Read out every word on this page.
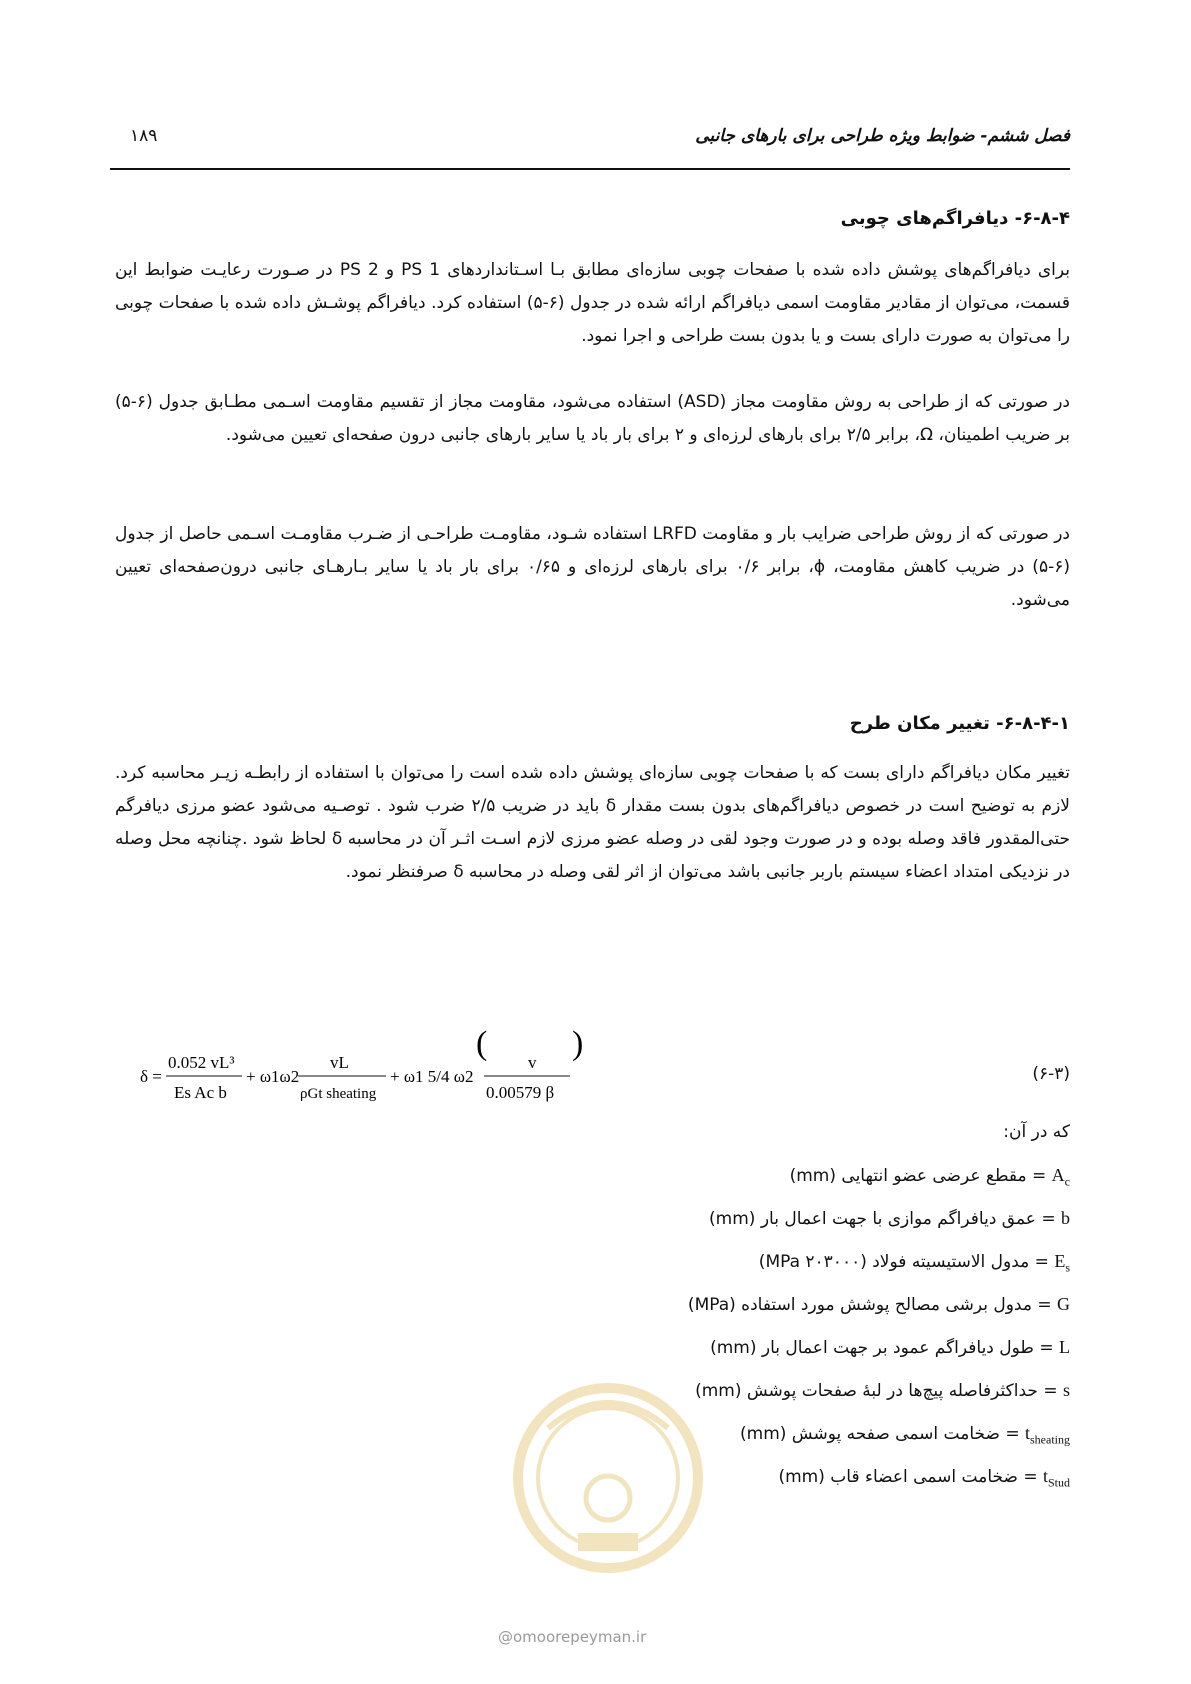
فصل ششم- ضوابط ویژه طراحی برای بارهای جانبی
۱۸۹
۶-۸-۴- دیافراگم‌های چوبی
برای دیافراگم‌های پوشش داده شده با صفحات چوبی سازه‌ای مطابق بـا اسـتانداردهای PS 1 و PS 2 در صـورت رعایـت ضوابط این قسمت، می‌توان از مقادیر مقاومت اسمی دیافراگم ارائه شده در جدول (۶-۵) استفاده کرد. دیافراگم پوشـش داده شده با صفحات چوبی را می‌توان به صورت دارای بست و یا بدون بست طراحی و اجرا نمود.
در صورتی که از طراحی به روش مقاومت مجاز (ASD) استفاده می‌شود، مقاومت مجاز از تقسیم مقاومت اسـمی مطـابق جدول (۶-۵) بر ضریب اطمینان، Ω، برابر ۲/۵ برای بارهای لرزه‌ای و ۲ برای بار باد یا سایر بارهای جانبی درون صفحه‌ای تعیین می‌شود.
در صورتی که از روش طراحی ضرایب بار و مقاومت LRFD استفاده شـود، مقاومـت طراحـی از ضـرب مقاومـت اسـمی حاصل از جدول (۶-۵) در ضریب کاهش مقاومت، ϕ، برابر ۰/۶ برای بارهای لرزه‌ای و ۰/۶۵ برای بار باد یا سایر بـارهـای جانبی درون‌صفحه‌ای تعیین می‌شود.
۶-۸-۴-۱- تغییر مکان طرح
تغییر مکان دیافراگم دارای بست که با صفحات چوبی سازه‌ای پوشش داده شده است را می‌توان با استفاده از رابطـه زیـر محاسبه کرد. لازم به توضیح است در خصوص دیافراگم‌های بدون بست مقدار δ باید در ضریب ۲/۵ ضرب شود . توصـیه می‌شود عضو مرزی دیافرگم حتی‌المقدور فاقد وصله بوده و در صورت وجود لقی در وصله عضو مرزی لازم اسـت اثـر آن در محاسبه δ لحاظ شود .چنانچه محل وصله در نزدیکی امتداد اعضاء سیستم باربر جانبی باشد می‌توان از اثر لقی وصله در محاسبه δ صرفنظر نمود.
δ =
0.052 vL³
Es Ac b
+ ω1ω2
vL
ρGt sheating
+ ω1 5/4 ω2
(
v
0.00579 β
)
(۶-۳)
که در آن:
$A_c$ = مقطع عرضی عضو انتهایی (mm)
b = عمق دیافراگم موازی با جهت اعمال بار (mm)
$E_s$ = مدول الاستیسیته فولاد (MPa ۲۰۳۰۰۰)
G = مدول برشی مصالح پوشش مورد استفاده (MPa)
L = طول دیافراگم عمود بر جهت اعمال بار (mm)
s = حداکثرفاصله پیچ‌ها در لبهٔ صفحات پوشش (mm)
$t_{sheating}$ = ضخامت اسمی صفحه پوشش (mm)
$t_{Stud}$ = ضخامت اسمی اعضاء قاب (mm)
@omoorepeyman.ir
